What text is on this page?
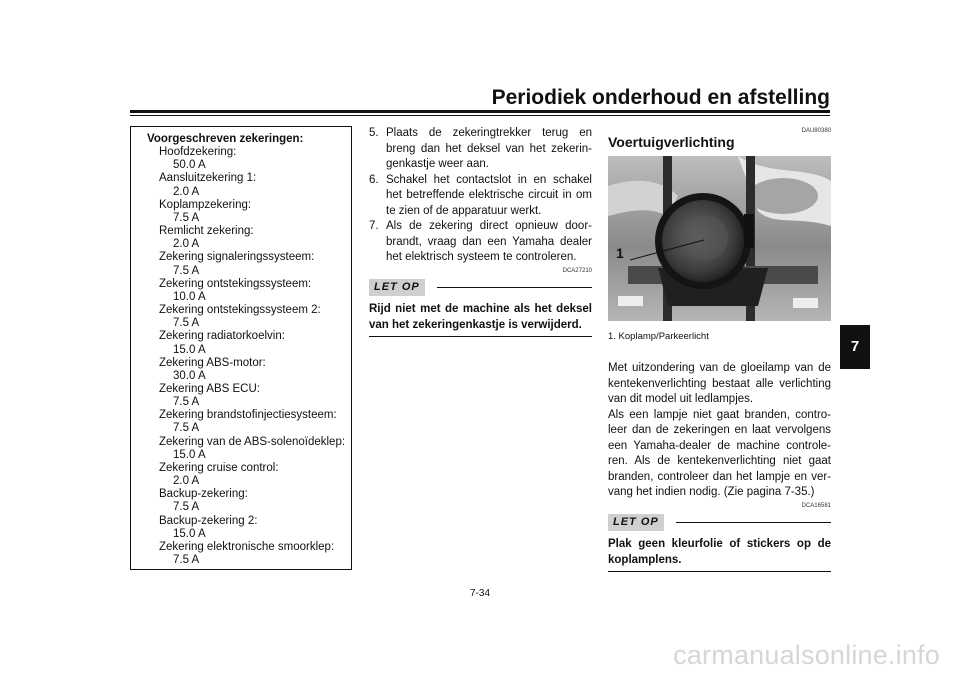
Periodiek onderhoud en afstelling
7
Voorgeschreven zekeringen:
Hoofdzekering:
50.0 A
Aansluitzekering 1:
2.0 A
Koplampzekering:
7.5 A
Remlicht zekering:
2.0 A
Zekering signaleringssysteem:
7.5 A
Zekering ontstekingssysteem:
10.0 A
Zekering ontstekingssysteem 2:
7.5 A
Zekering radiatorkoelvin:
15.0 A
Zekering ABS-motor:
30.0 A
Zekering ABS ECU:
7.5 A
Zekering brandstofinjectiesysteem:
7.5 A
Zekering van de ABS-solenoïdeklep:
15.0 A
Zekering cruise control:
2.0 A
Backup-zekering:
7.5 A
Backup-zekering 2:
15.0 A
Zekering elektronische smoorklep:
7.5 A
5. Plaats de zekeringtrekker terug en breng dan het deksel van het zekerin-genkastje weer aan.
6. Schakel het contactslot in en schakel het betreffende elektrische circuit in om te zien of de apparatuur werkt.
7. Als de zekering direct opnieuw door-brandt, vraag dan een Yamaha dealer het elektrisch systeem te controleren.
DCA27210
LET OP
Rijd niet met de machine als het deksel van het zekeringenkastje is verwijderd.
DAU80380
Voertuigverlichting
1
1. Koplamp/Parkeerlicht
Met uitzondering van de gloeilamp van de kentekenverlichting bestaat alle verlichting van dit model uit ledlampjes.
Als een lampje niet gaat branden, contro-leer dan de zekeringen en laat vervolgens een Yamaha-dealer de machine controle-ren. Als de kentekenverlichting niet gaat branden, controleer dan het lampje en ver-vang het indien nodig. (Zie pagina 7-35.)
DCA16581
LET OP
Plak geen kleurfolie of stickers op de koplamplens.
7-34
carmanualsonline.info
